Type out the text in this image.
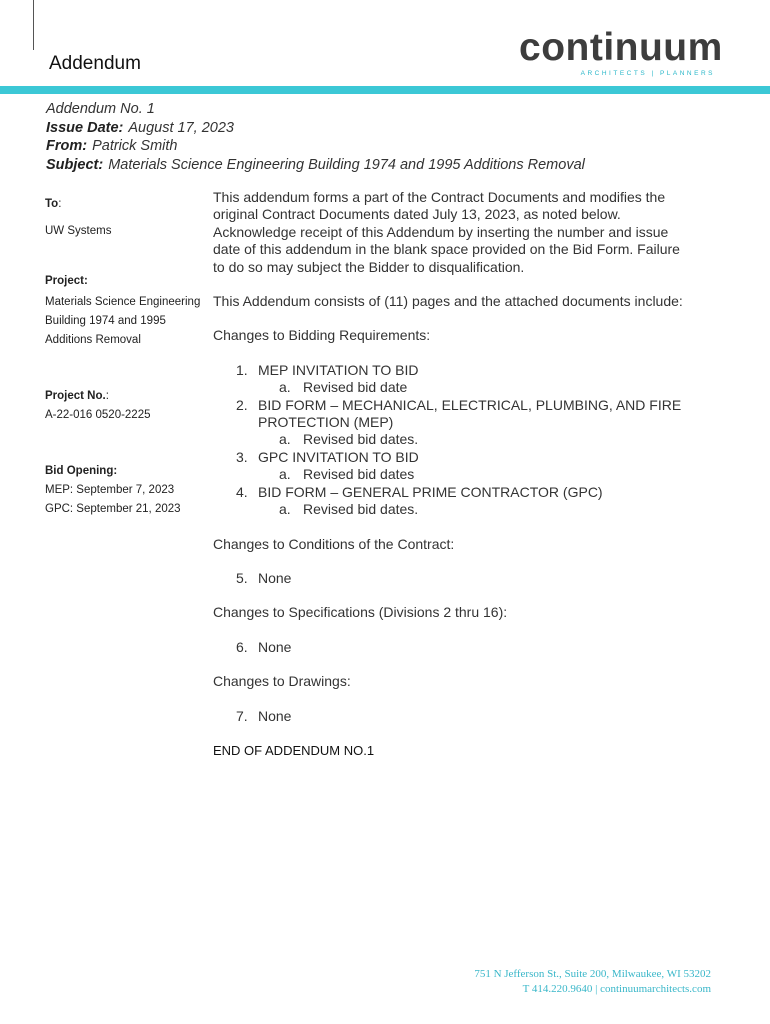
Addendum	continuum
ARCHITECTS | PLANNERS
Addendum No. 1
Issue Date: August 17, 2023
From: Patrick Smith
Subject: Materials Science Engineering Building 1974 and 1995 Additions Removal
To:
UW Systems
Project:
Materials Science Engineering
Building 1974 and 1995
Additions Removal
Project No.:
A-22-016 0520-2225
Bid Opening:
MEP: September 7, 2023
GPC: September 21, 2023

This addendum forms a part of the Contract Documents and modifies the original Contract Documents dated July 13, 2023, as noted below. Acknowledge receipt of this Addendum by inserting the number and issue date of this addendum in the blank space provided on the Bid Form. Failure to do so may subject the Bidder to disqualification.

This Addendum consists of (11) pages and the attached documents include:

Changes to Bidding Requirements:

1. MEP INVITATION TO BID
a. Revised bid date
2. BID FORM – MECHANICAL, ELECTRICAL, PLUMBING, AND FIRE PROTECTION (MEP)
a. Revised bid dates.
3. GPC INVITATION TO BID
a. Revised bid dates
4. BID FORM – GENERAL PRIME CONTRACTOR (GPC)
a. Revised bid dates.

Changes to Conditions of the Contract:

5. None

Changes to Specifications (Divisions 2 thru 16):

6. None

Changes to Drawings:

7. None

END OF ADDENDUM NO.1

751 N Jefferson St., Suite 200, Milwaukee, WI 53202
T 414.220.9640 | continuumarchitects.com
